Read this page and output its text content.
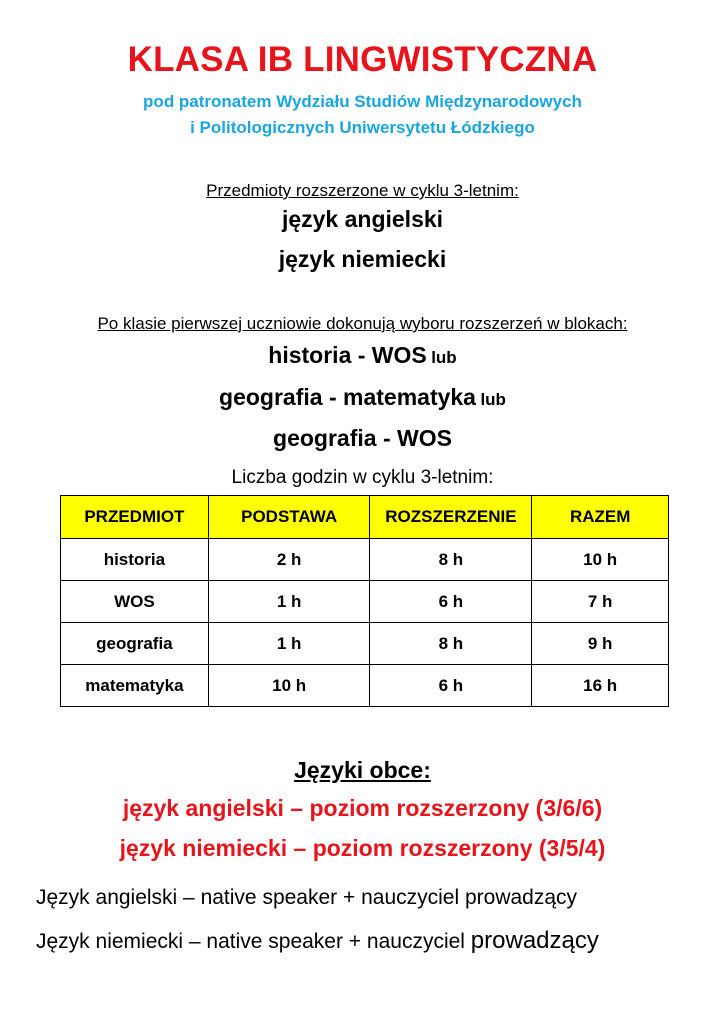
KLASA IB LINGWISTYCZNA
pod patronatem Wydziału Studiów Międzynarodowych
i Politologicznych Uniwersytetu Łódzkiego
Przedmioty rozszerzone w cyklu 3-letnim:
język angielski
język niemiecki
Po klasie pierwszej uczniowie dokonują wyboru rozszerzeń w blokach:
historia - WOS lub
geografia - matematyka lub
geografia - WOS
Liczba godzin w cyklu 3-letnim:
PRZEDMIOT	PODSTAWA	ROZSZERZENIE	RAZEM
historia	2 h	8 h	10 h
WOS	1 h	6 h	7 h
geografia	1 h	8 h	9 h
matematyka	10 h	6 h	16 h
Języki obce:
język angielski – poziom rozszerzony (3/6/6)
język niemiecki – poziom rozszerzony (3/5/4)
Język angielski – native speaker + nauczyciel prowadzący
Język niemiecki – native speaker + nauczyciel prowadzący
